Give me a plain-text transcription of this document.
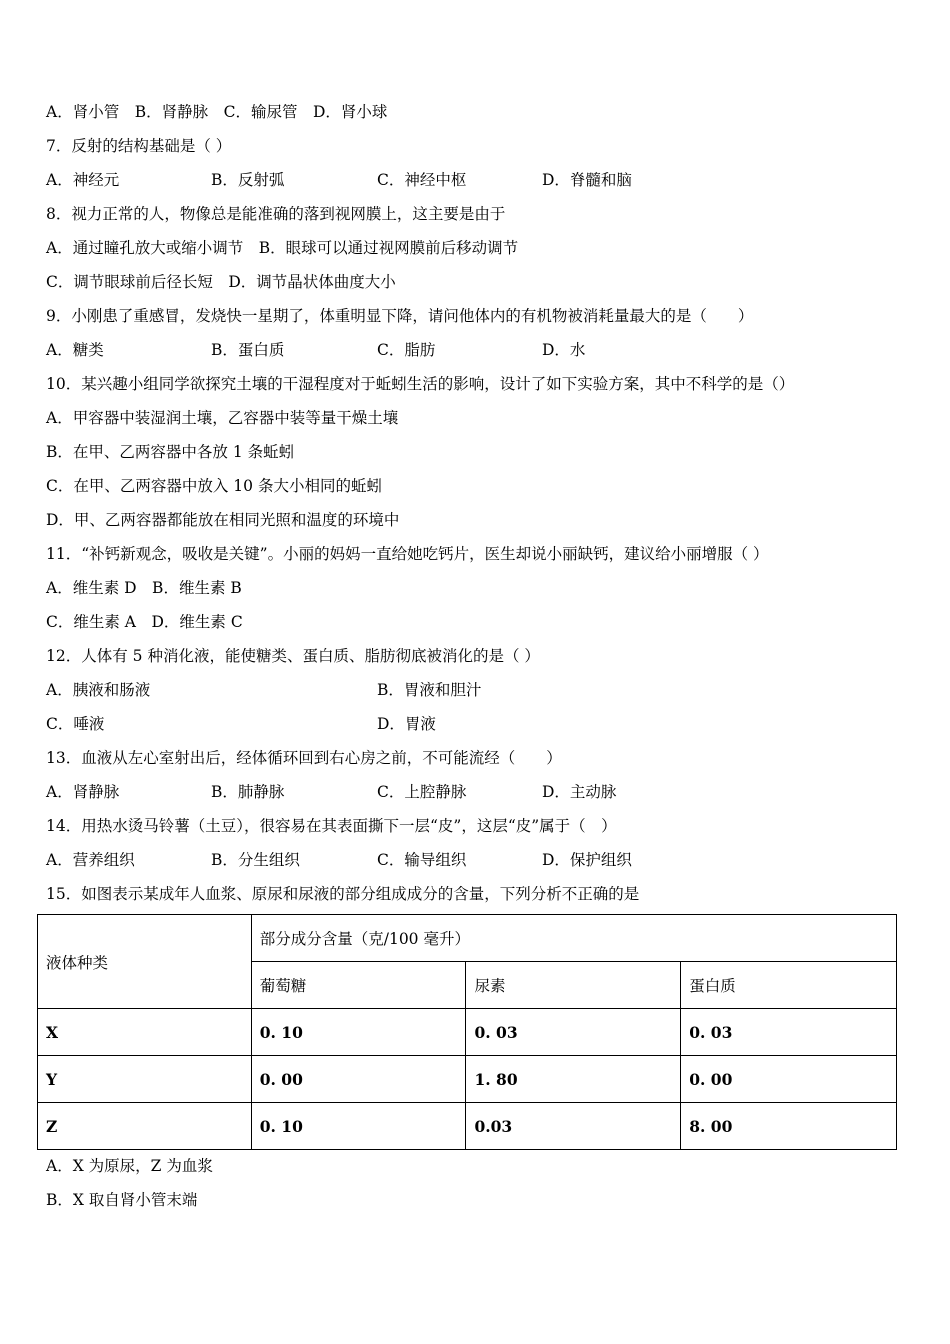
A．肾小管　B．肾静脉　C．输尿管　D．肾小球
7．反射的结构基础是（ ）
A．神经元	B．反射弧	C．神经中枢	D．脊髓和脑
8．视力正常的人，物像总是能准确的落到视网膜上，这主要是由于
A．通过瞳孔放大或缩小调节　B．眼球可以通过视网膜前后移动调节
C．调节眼球前后径长短　D．调节晶状体曲度大小
9．小刚患了重感冒，发烧快一星期了，体重明显下降，请问他体内的有机物被消耗量最大的是（　　）
A．糖类	B．蛋白质	C．脂肪	D．水
10．某兴趣小组同学欲探究土壤的干湿程度对于蚯蚓生活的影响，设计了如下实验方案，其中不科学的是（）
A．甲容器中装湿润土壤，乙容器中装等量干燥土壤
B．在甲、乙两容器中各放 1 条蚯蚓
C．在甲、乙两容器中放入 10 条大小相同的蚯蚓
D．甲、乙两容器都能放在相同光照和温度的环境中
11．“补钙新观念，吸收是关键”。小丽的妈妈一直给她吃钙片，医生却说小丽缺钙，建议给小丽增服（ ）
A．维生素 D　B．维生素 B
C．维生素 A　D．维生素 C
12．人体有 5 种消化液，能使糖类、蛋白质、脂肪彻底被消化的是（ ）
A．胰液和肠液	B．胃液和胆汁
C．唾液	D．胃液
13．血液从左心室射出后，经体循环回到右心房之前，不可能流经（　　）
A．肾静脉	B．肺静脉	C．上腔静脉	D．主动脉
14．用热水烫马铃薯（土豆），很容易在其表面撕下一层“皮”，这层“皮”属于（　）
A．营养组织	B．分生组织	C．输导组织	D．保护组织
15．如图表示某成年人血浆、原尿和尿液的部分组成成分的含量，下列分析不正确的是
液体种类	部分成分含量（克/100 毫升）		
	葡萄糖	尿素	蛋白质
X	0. 10	0. 03	0. 03
Y	0. 00	1. 80	0. 00
Z	0. 10	0.03	8. 00
A．X 为原尿，Z 为血浆
B．X 取自肾小管末端
